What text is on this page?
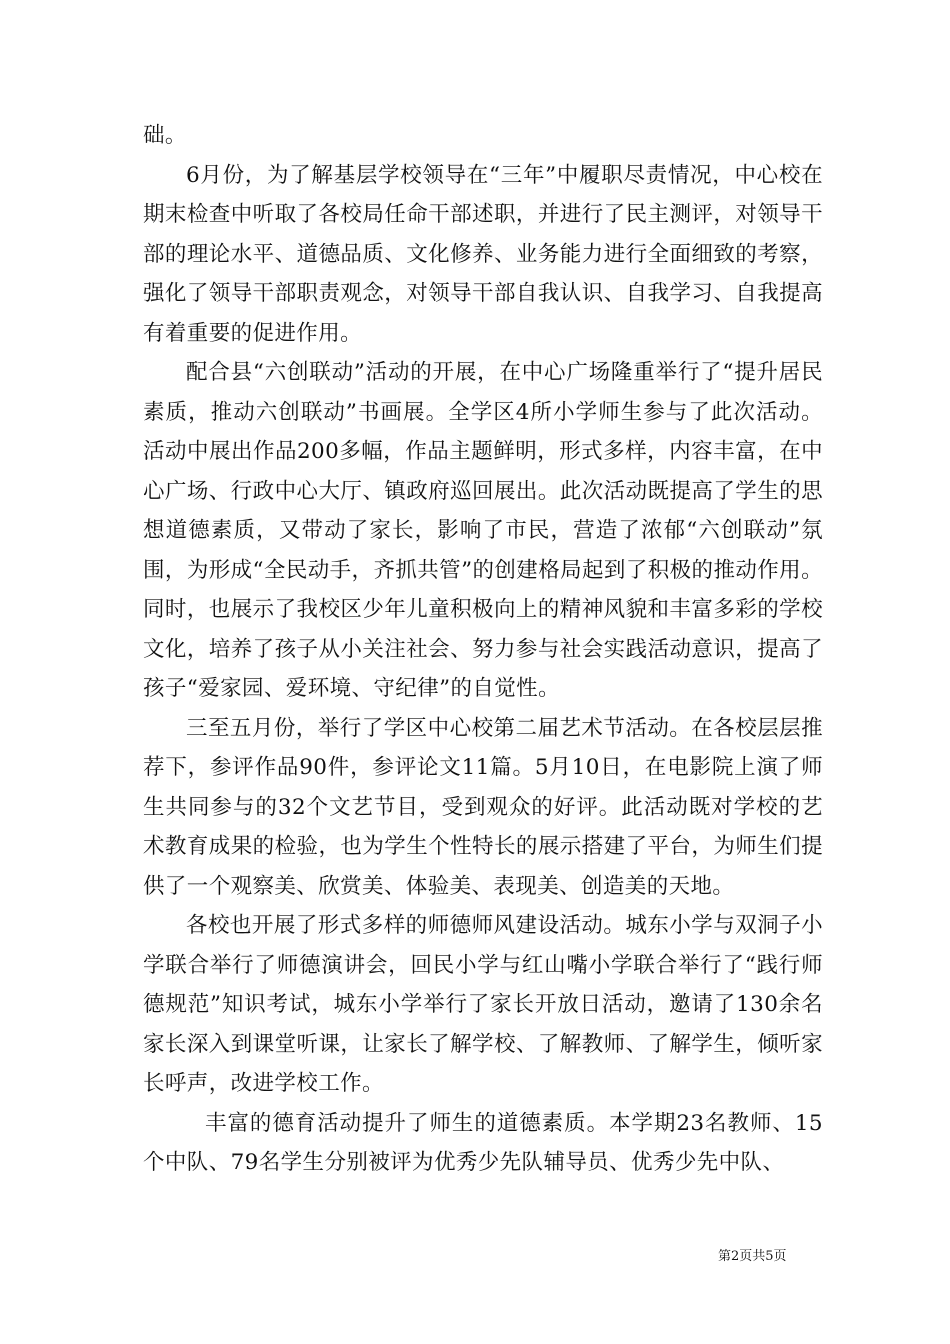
础。

6月份，为了解基层学校领导在“三年”中履职尽责情况，中心校在期末检查中听取了各校局任命干部述职，并进行了民主测评，对领导干部的理论水平、道德品质、文化修养、业务能力进行全面细致的考察，强化了领导干部职责观念，对领导干部自我认识、自我学习、自我提高有着重要的促进作用。

配合县“六创联动”活动的开展，在中心广场隆重举行了“提升居民素质，推动六创联动”书画展。全学区4所小学师生参与了此次活动。活动中展出作品200多幅，作品主题鲜明，形式多样，内容丰富，在中心广场、行政中心大厅、镇政府巡回展出。此次活动既提高了学生的思想道德素质，又带动了家长，影响了市民，营造了浓郁“六创联动”氛围，为形成“全民动手，齐抓共管”的创建格局起到了积极的推动作用。同时，也展示了我校区少年儿童积极向上的精神风貌和丰富多彩的学校文化，培养了孩子从小关注社会、努力参与社会实践活动意识，提高了孩子“爱家园、爱环境、守纪律”的自觉性。

三至五月份，举行了学区中心校第二届艺术节活动。在各校层层推荐下，参评作品90件，参评论文11篇。5月10日，在电影院上演了师生共同参与的32个文艺节目，受到观众的好评。此活动既对学校的艺术教育成果的检验，也为学生个性特长的展示搭建了平台，为师生们提供了一个观察美、欣赏美、体验美、表现美、创造美的天地。

各校也开展了形式多样的师德师风建设活动。城东小学与双洞子小学联合举行了师德演讲会，回民小学与红山嘴小学联合举行了“践行师德规范”知识考试，城东小学举行了家长开放日活动，邀请了130余名家长深入到课堂听课，让家长了解学校、了解教师、了解学生，倾听家长呼声，改进学校工作。

丰富的德育活动提升了师生的道德素质。本学期23名教师、15个中队、79名学生分别被评为优秀少先队辅导员、优秀少先中队、

第2页共5页
